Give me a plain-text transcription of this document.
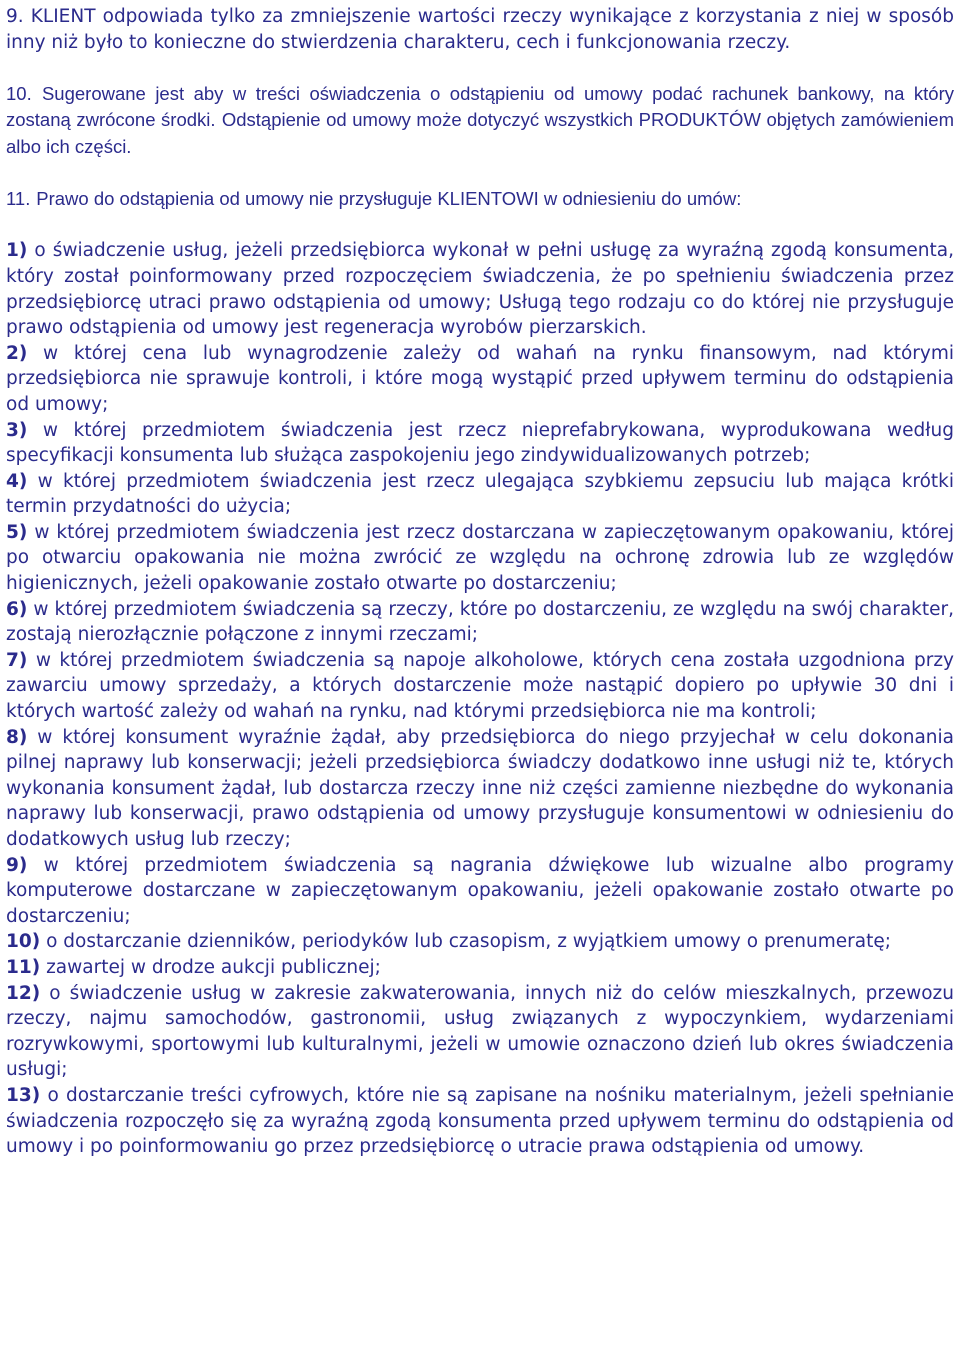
9. KLIENT odpowiada tylko za zmniejszenie wartości rzeczy wynikające z korzystania z niej w sposób inny niż było to konieczne do stwierdzenia charakteru, cech i funkcjonowania rzeczy.

10. Sugerowane jest aby w treści oświadczenia o odstąpieniu od umowy podać rachunek bankowy, na który zostaną zwrócone środki. Odstąpienie od umowy może dotyczyć wszystkich PRODUKTÓW objętych zamówieniem albo ich części.

11. Prawo do odstąpienia od umowy nie przysługuje KLIENTOWI w odniesieniu do umów:

1) o świadczenie usług, jeżeli przedsiębiorca wykonał w pełni usługę za wyraźną zgodą konsumenta, który został poinformowany przed rozpoczęciem świadczenia, że po spełnieniu świadczenia przez przedsiębiorcę utraci prawo odstąpienia od umowy; Usługą tego rodzaju co do której nie przysługuje prawo odstąpienia od umowy jest regeneracja wyrobów pierzarskich.

2) w której cena lub wynagrodzenie zależy od wahań na rynku finansowym, nad którymi przedsiębiorca nie sprawuje kontroli, i które mogą wystąpić przed upływem terminu do odstąpienia od umowy;

3) w której przedmiotem świadczenia jest rzecz nieprefabrykowana, wyprodukowana według specyfikacji konsumenta lub służąca zaspokojeniu jego zindywidualizowanych potrzeb;

4) w której przedmiotem świadczenia jest rzecz ulegająca szybkiemu zepsuciu lub mająca krótki termin przydatności do użycia;

5) w której przedmiotem świadczenia jest rzecz dostarczana w zapieczętowanym opakowaniu, której po otwarciu opakowania nie można zwrócić ze względu na ochronę zdrowia lub ze względów higienicznych, jeżeli opakowanie zostało otwarte po dostarczeniu;

6) w której przedmiotem świadczenia są rzeczy, które po dostarczeniu, ze względu na swój charakter, zostają nierozłącznie połączone z innymi rzeczami;

7) w której przedmiotem świadczenia są napoje alkoholowe, których cena została uzgodniona przy zawarciu umowy sprzedaży, a których dostarczenie może nastąpić dopiero po upływie 30 dni i których wartość zależy od wahań na rynku, nad którymi przedsiębiorca nie ma kontroli;

8) w której konsument wyraźnie żądał, aby przedsiębiorca do niego przyjechał w celu dokonania pilnej naprawy lub konserwacji; jeżeli przedsiębiorca świadczy dodatkowo inne usługi niż te, których wykonania konsument żądał, lub dostarcza rzeczy inne niż części zamienne niezbędne do wykonania naprawy lub konserwacji, prawo odstąpienia od umowy przysługuje konsumentowi w odniesieniu do dodatkowych usług lub rzeczy;

9) w której przedmiotem świadczenia są nagrania dźwiękowe lub wizualne albo programy komputerowe dostarczane w zapieczętowanym opakowaniu, jeżeli opakowanie zostało otwarte po dostarczeniu;

10) o dostarczanie dzienników, periodyków lub czasopism, z wyjątkiem umowy o prenumeratę;

11) zawartej w drodze aukcji publicznej;

12) o świadczenie usług w zakresie zakwaterowania, innych niż do celów mieszkalnych, przewozu rzeczy, najmu samochodów, gastronomii, usług związanych z wypoczynkiem, wydarzeniami rozrywkowymi, sportowymi lub kulturalnymi, jeżeli w umowie oznaczono dzień lub okres świadczenia usługi;

13) o dostarczanie treści cyfrowych, które nie są zapisane na nośniku materialnym, jeżeli spełnianie świadczenia rozpoczęło się za wyraźną zgodą konsumenta przed upływem terminu do odstąpienia od umowy i po poinformowaniu go przez przedsiębiorcę o utracie prawa odstąpienia od umowy.
